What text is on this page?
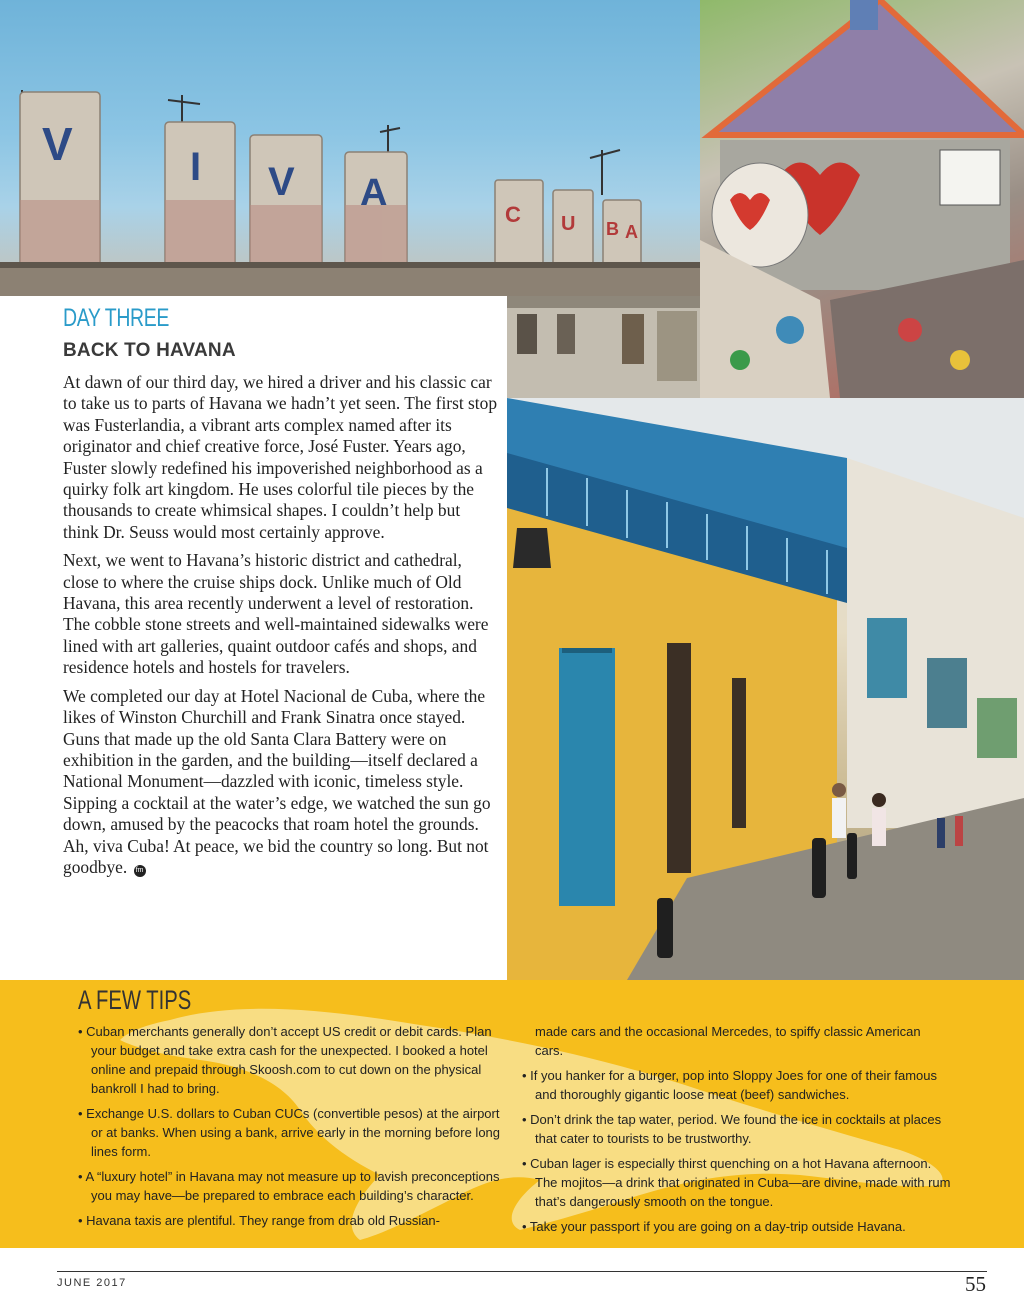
V	I V A
C U B A
DAY THREE
BACK TO HAVANA

At dawn of our third day, we hired a driver and his classic car to take us to parts of Havana we hadn’t yet seen. The first stop was Fusterlandia, a vibrant arts complex named after its originator and chief creative force, José Fuster. Years ago, Fuster slowly redefined his impoverished neighborhood as a quirky folk art kingdom. He uses colorful tile pieces by the thousands to create whimsical shapes. I couldn’t help but think Dr. Seuss would most certainly approve.

Next, we went to Havana’s historic district and cathedral, close to where the cruise ships dock. Unlike much of Old Havana, this area recently underwent a level of restoration. The cobble stone streets and well-maintained sidewalks were lined with art galleries, quaint outdoor cafés and shops, and residence hotels and hostels for travelers.

We completed our day at Hotel Nacional de Cuba, where the likes of Winston Churchill and Frank Sinatra once stayed. Guns that made up the old Santa Clara Battery were on exhibition in the garden, and the building—itself declared a National Monument—dazzled with iconic, timeless style. Sipping a cocktail at the water’s edge, we watched the sun go down, amused by the peacocks that roam hotel the grounds. Ah, viva Cuba! At peace, we bid the country so long. But not goodbye. fm

A FEW TIPS

• Cuban merchants generally don’t accept US credit or debit cards. Plan your budget and take extra cash for the unexpected. I booked a hotel online and prepaid through Skoosh.com to cut down on the physical bankroll I had to bring.

• Exchange U.S. dollars to Cuban CUCs (convertible pesos) at the airport or at banks. When using a bank, arrive early in the morning before long lines form.

• A “luxury hotel” in Havana may not measure up to lavish preconceptions you may have—be prepared to embrace each building’s character.

• Havana taxis are plentiful. They range from drab old Russian-

made cars and the occasional Mercedes, to spiffy classic American cars.

• If you hanker for a burger, pop into Sloppy Joes for one of their famous and thoroughly gigantic loose meat (beef) sandwiches.

• Don’t drink the tap water, period. We found the ice in cocktails at places that cater to tourists to be trustworthy.

• Cuban lager is especially thirst quenching on a hot Havana afternoon. The mojitos—a drink that originated in Cuba—are divine, made with rum that’s dangerously smooth on the tongue.

• Take your passport if you are going on a day-trip outside Havana.

JUNE 2017	55
